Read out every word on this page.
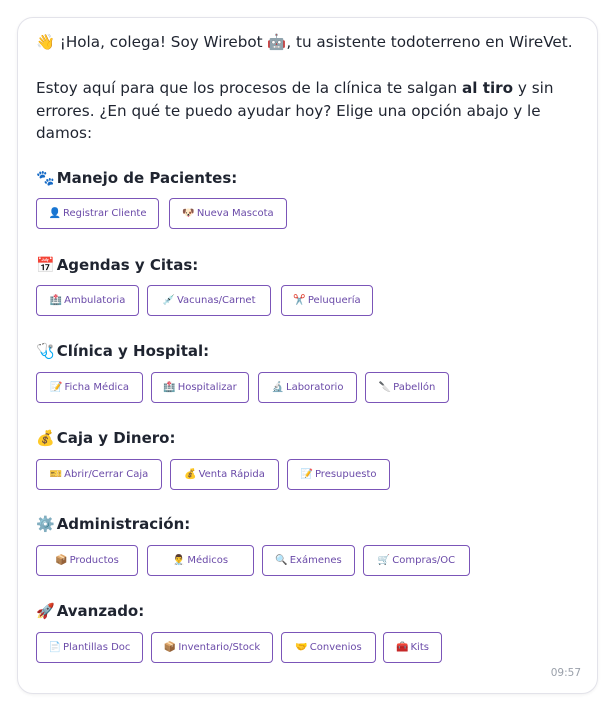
👋 ¡Hola, colega! Soy Wirebot 🤖, tu asistente todoterreno en WireVet.
Estoy aquí para que los procesos de la clínica te salgan al tiro y sin errores. ¿En qué te puedo ayudar hoy? Elige una opción abajo y le damos:
🐾 Manejo de Pacientes:
👤 Registrar Cliente	🐶 Nueva Mascota
📅 Agendas y Citas:
🏥 Ambulatoria	💉 Vacunas/Carnet	✂️ Peluquería
🩺 Clínica y Hospital:
📝 Ficha Médica	🏥 Hospitalizar	🔬 Laboratorio	🔪 Pabellón
💰 Caja y Dinero:
🎫 Abrir/Cerrar Caja	💰 Venta Rápida	📝 Presupuesto
⚙️ Administración:
📦 Productos	👨‍⚕️ Médicos	🔍 Exámenes	🛒 Compras/OC
🚀 Avanzado:
📄 Plantillas Doc	📦 Inventario/Stock	🤝 Convenios	🧰 Kits
09:57
